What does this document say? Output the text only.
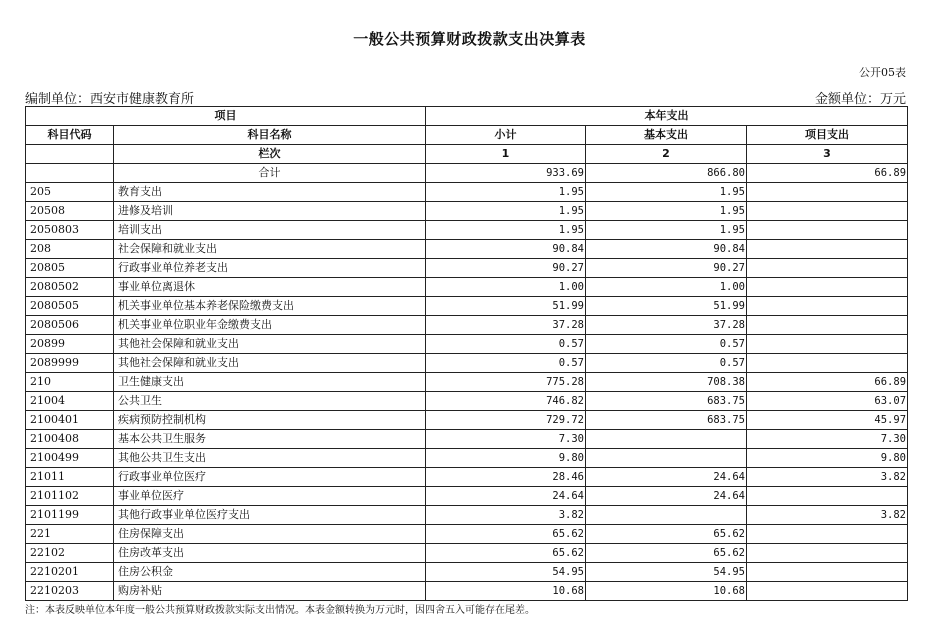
一般公共预算财政拨款支出决算表
公开05表
编制单位：西安市健康教育所	金额单位：万元
项目		本年支出		
科目代码	科目名称	小计	基本支出	项目支出
	栏次	1	2	3
	合计	933.69	866.80	66.89
205	教育支出	1.95	1.95	
20508	进修及培训	1.95	1.95	
2050803	培训支出	1.95	1.95	
208	社会保障和就业支出	90.84	90.84	
20805	行政事业单位养老支出	90.27	90.27	
2080502	事业单位离退休	1.00	1.00	
2080505	机关事业单位基本养老保险缴费支出	51.99	51.99	
2080506	机关事业单位职业年金缴费支出	37.28	37.28	
20899	其他社会保障和就业支出	0.57	0.57	
2089999	其他社会保障和就业支出	0.57	0.57	
210	卫生健康支出	775.28	708.38	66.89
21004	公共卫生	746.82	683.75	63.07
2100401	疾病预防控制机构	729.72	683.75	45.97
2100408	基本公共卫生服务	7.30		7.30
2100499	其他公共卫生支出	9.80		9.80
21011	行政事业单位医疗	28.46	24.64	3.82
2101102	事业单位医疗	24.64	24.64	
2101199	其他行政事业单位医疗支出	3.82		3.82
221	住房保障支出	65.62	65.62	
22102	住房改革支出	65.62	65.62	
2210201	住房公积金	54.95	54.95	
2210203	购房补贴	10.68	10.68	
注：本表反映单位本年度一般公共预算财政拨款实际支出情况。本表金额转换为万元时，因四舍五入可能存在尾差。
